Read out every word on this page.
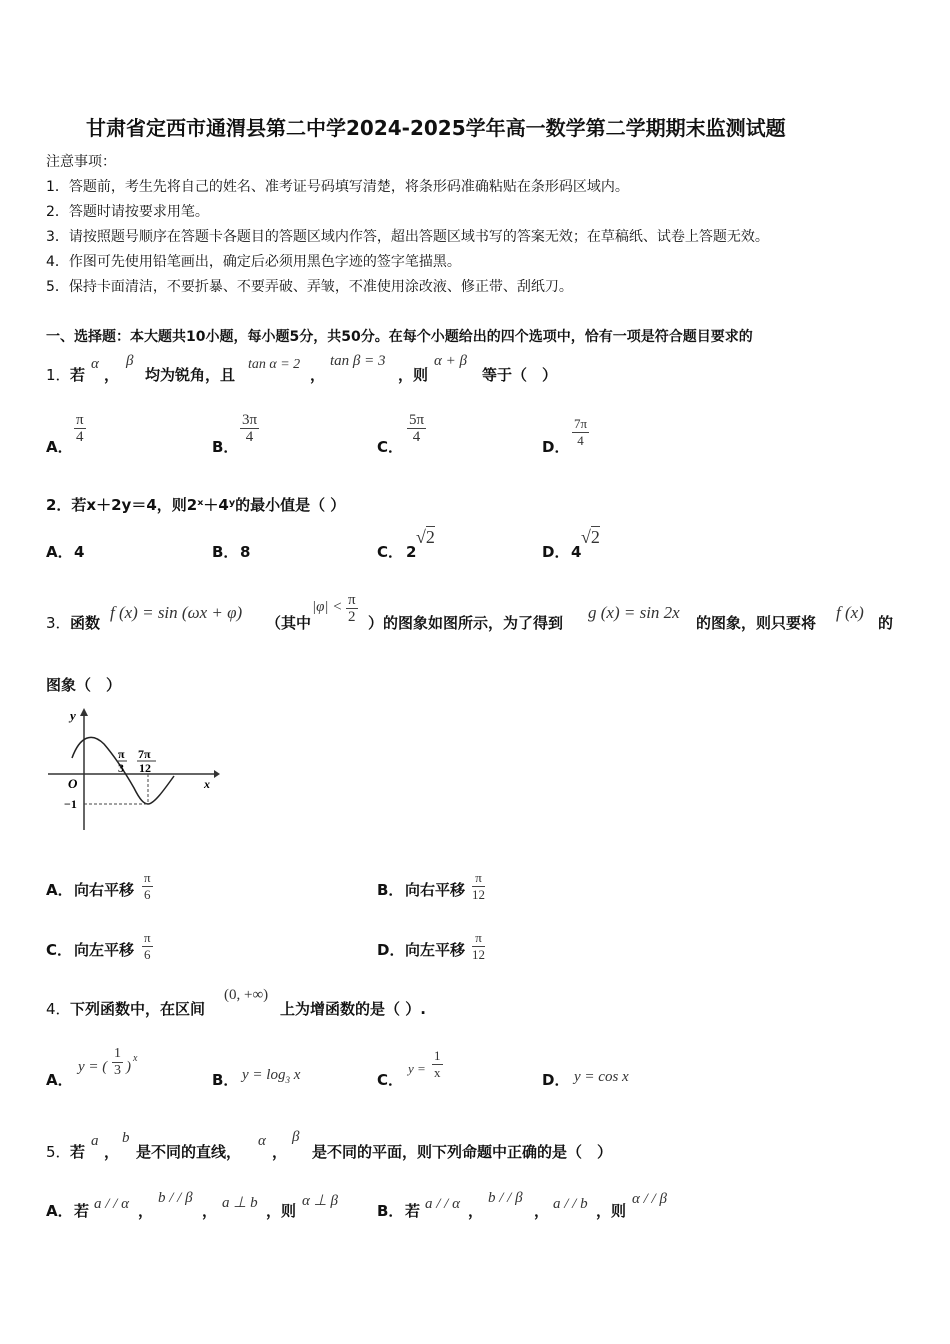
甘肃省定西市通渭县第二中学2024-2025学年高一数学第二学期期末监测试题
注意事项：
1．答题前，考生先将自己的姓名、准考证号码填写清楚，将条形码准确粘贴在条形码区域内。
2．答题时请按要求用笔。
3．请按照题号顺序在答题卡各题目的答题区域内作答，超出答题区域书写的答案无效；在草稿纸、试卷上答题无效。
4．作图可先使用铅笔画出，确定后必须用黑色字迹的签字笔描黑。
5．保持卡面清洁，不要折暴、不要弄破、弄皱，不准使用涂改液、修正带、刮纸刀。
一、选择题：本大题共10小题，每小题5分，共50分。在每个小题给出的四个选项中，恰有一项是符合题目要求的
1． 若
α
，
β
均为锐角，且
tan α = 2
，
tan β = 3
，则
α + β
等于（　）
A．
$\frac{\pi}{4}$
B．
$\frac{3\pi}{4}$
C．
$\frac{5\pi}{4}$
D． $\frac{7\pi}{4}$
2．若x＋2y＝4，则2ˣ＋4ʸ的最小值是（ ）
A． 4	B． 8	C． 2
√2
D． 4
√2
3． 函数
f (x) = sin (ωx + φ)
（其中
$|\varphi| < \frac{\pi}{2}$ ）的图象如图所示，为了得到
g (x) = sin 2x
的图象，则只要将
f (x)
的
图象（　）
y
x
O
−1
π
3
7π
12
A． 向右平移 $\frac{\pi}{6}$	B． 向右平移 $\frac{\pi}{12}$
C． 向左平移 $\frac{\pi}{6}$	D． 向左平移 $\frac{\pi}{12}$
4． 下列函数中，在区间
(0, +∞)
上为增函数的是（ ）.
A．
y = ( $\frac{1}{3}$ )
x
B． $y = \log_3 x$	C．
$y = \frac{1}{x}$	D． y = cos x
5． 若
a
，
b
是不同的直线，
α
，
β
是不同的平面，则下列命题中正确的是（　）
A． 若 a / / α ，
b / / β
， a ⊥ b ，则
α ⊥ β
B． 若 a / / α ，
b / / β
， a / / b ，则
α / / β
